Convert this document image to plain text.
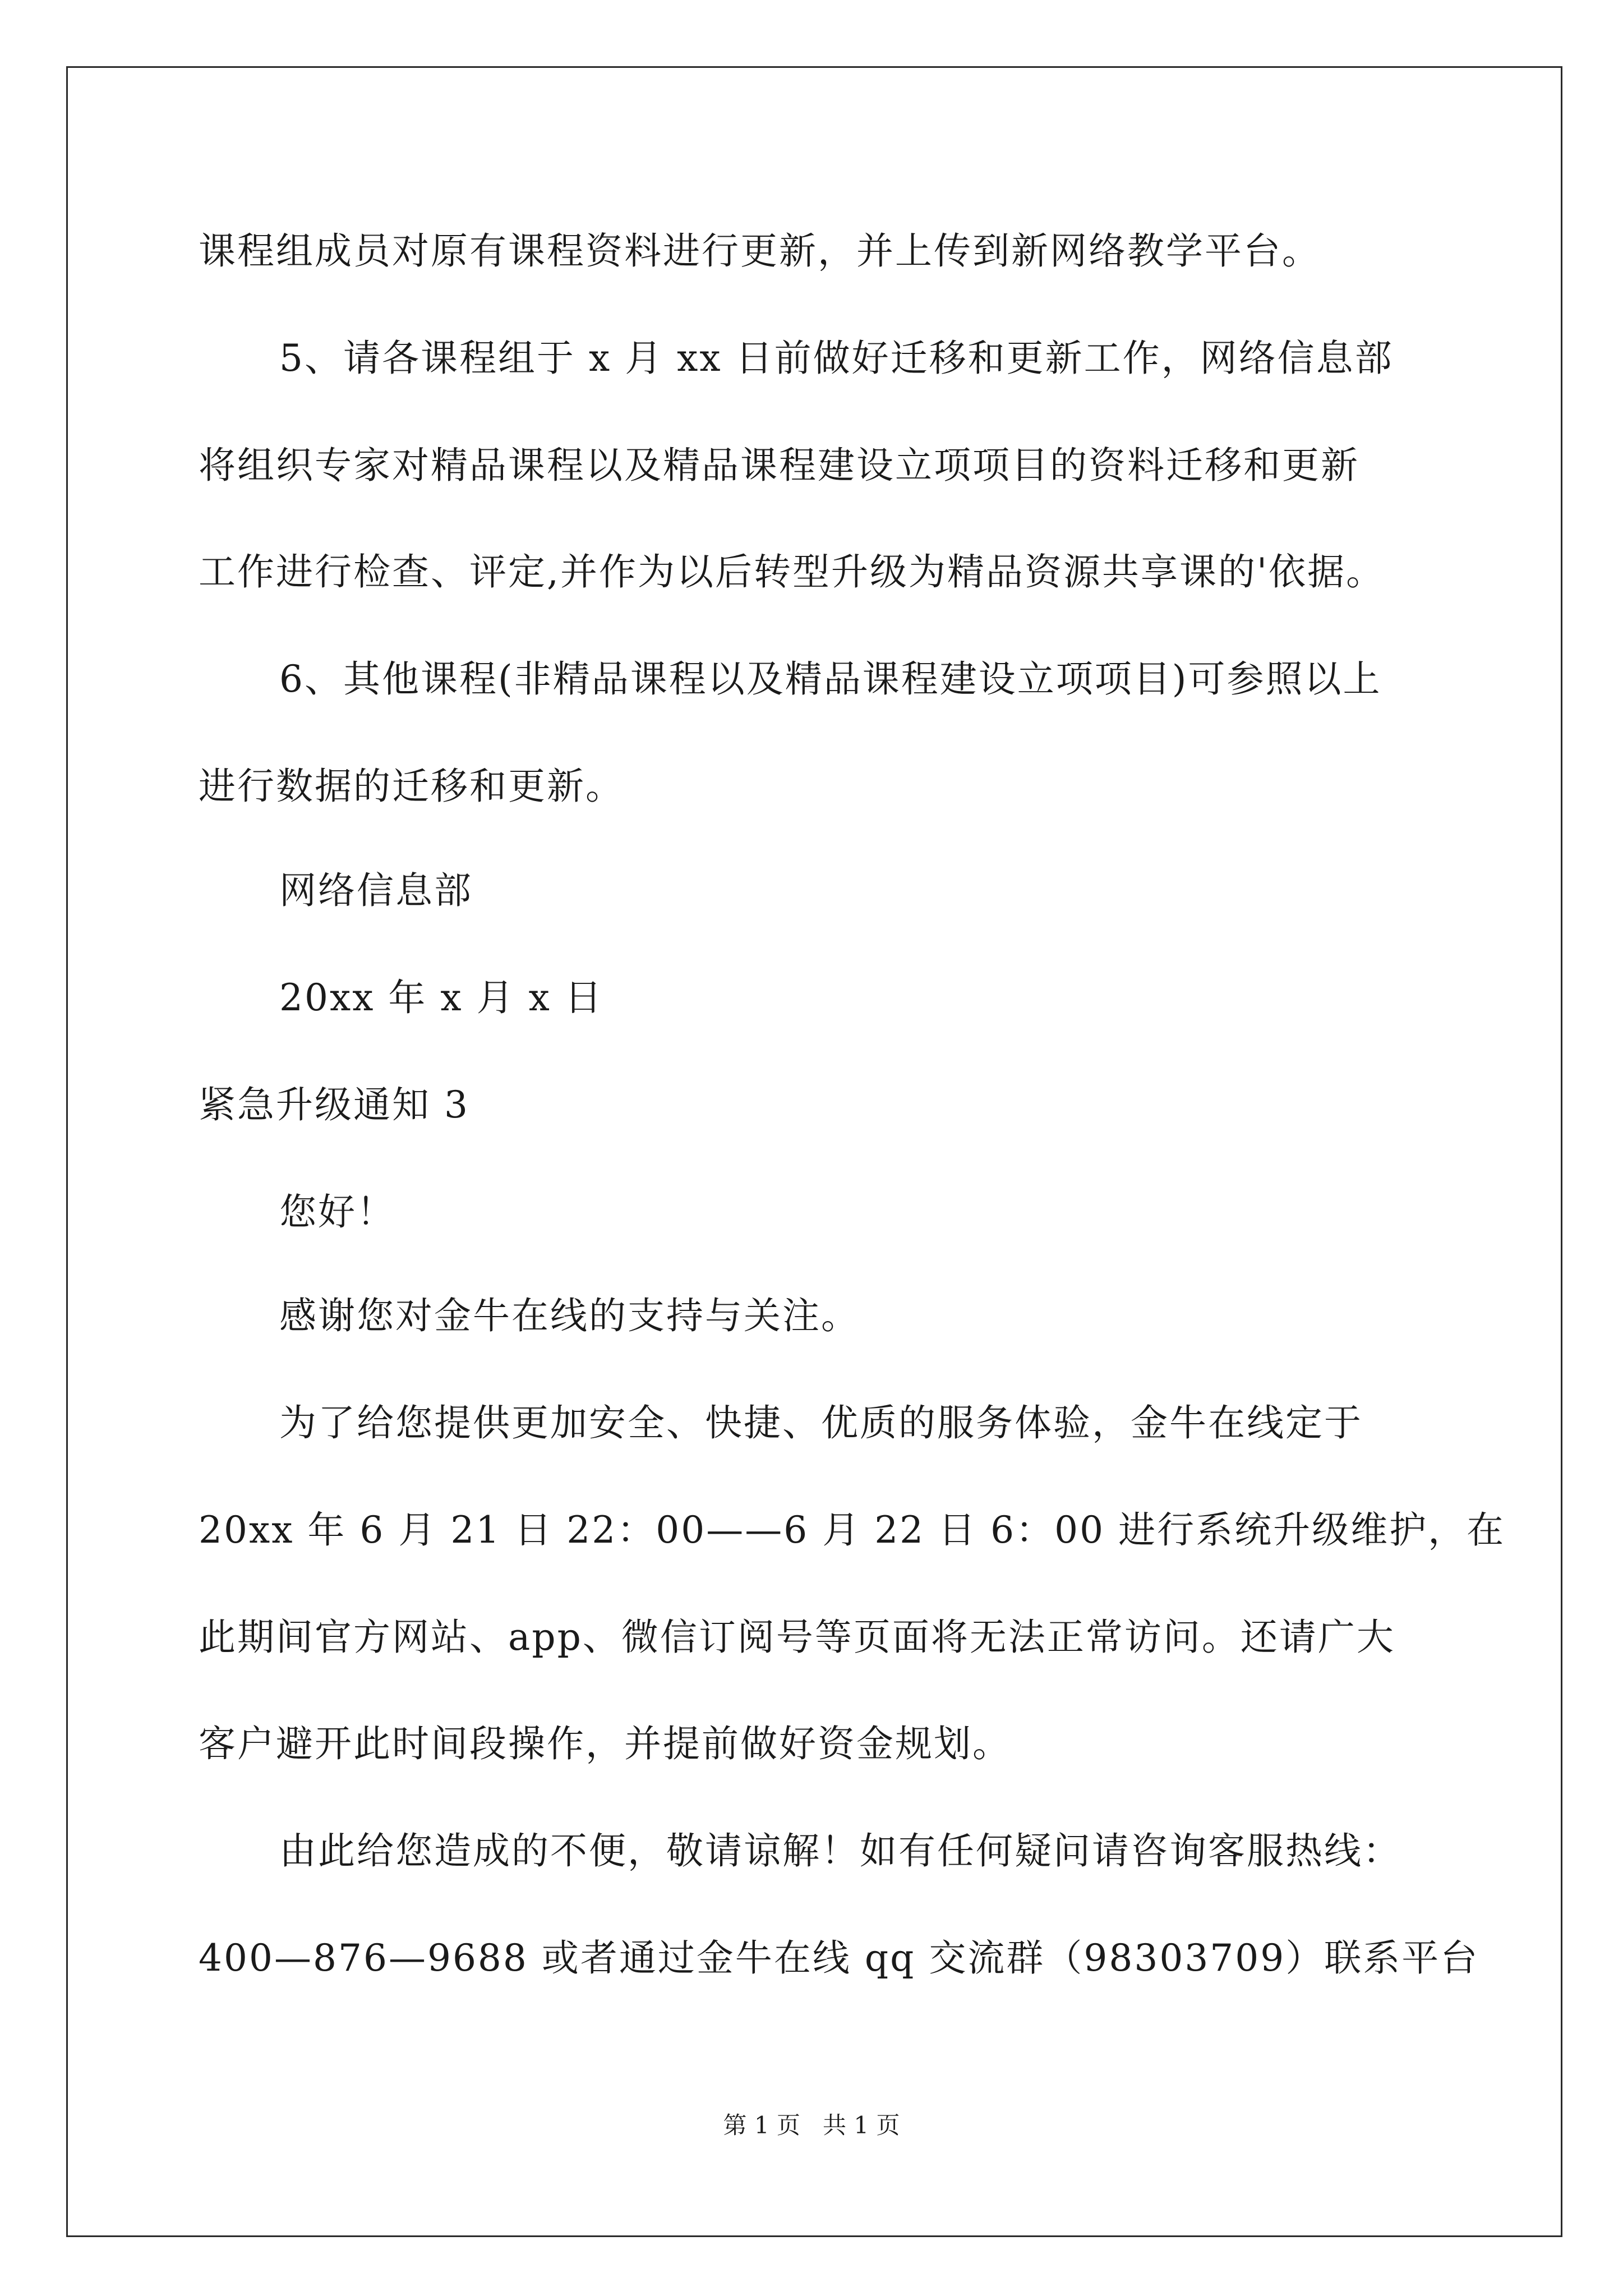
课程组成员对原有课程资料进行更新，并上传到新网络教学平台。
5、请各课程组于 x 月 xx 日前做好迁移和更新工作，网络信息部
将组织专家对精品课程以及精品课程建设立项项目的资料迁移和更新
工作进行检查、评定,并作为以后转型升级为精品资源共享课的'依据。
6、其他课程(非精品课程以及精品课程建设立项项目)可参照以上
进行数据的迁移和更新。
网络信息部
20xx 年 x 月 x 日
紧急升级通知 3
您好！
感谢您对金牛在线的支持与关注。
为了给您提供更加安全、快捷、优质的服务体验，金牛在线定于
20xx 年 6 月 21 日 22：00——6 月 22 日 6：00 进行系统升级维护，在
此期间官方网站、app、微信订阅号等页面将无法正常访问。还请广大
客户避开此时间段操作，并提前做好资金规划。
由此给您造成的不便，敬请谅解！如有任何疑问请咨询客服热线：
400—876—9688 或者通过金牛在线 qq 交流群（98303709）联系平台
第 1 页   共 1 页
